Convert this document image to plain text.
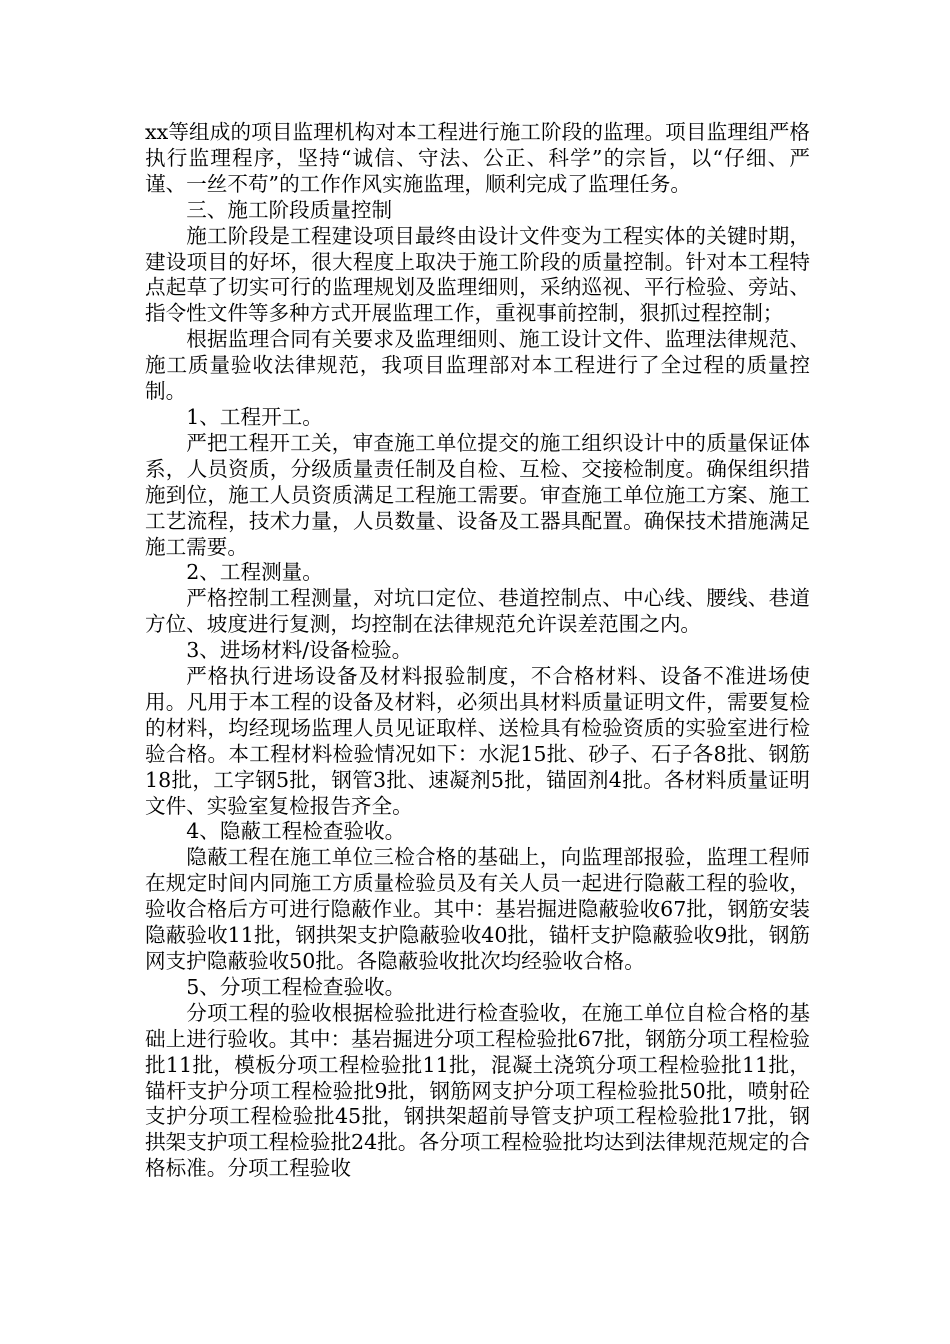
xx等组成的项目监理机构对本工程进行施工阶段的监理。项目监理组严格执行监理程序，坚持“诚信、守法、公正、科学”的宗旨，以“仔细、严谨、一丝不苟”的工作作风实施监理，顺利完成了监理任务。

三、施工阶段质量控制

施工阶段是工程建设项目最终由设计文件变为工程实体的关键时期，建设项目的好坏，很大程度上取决于施工阶段的质量控制。针对本工程特点起草了切实可行的监理规划及监理细则，采纳巡视、平行检验、旁站、指令性文件等多种方式开展监理工作，重视事前控制，狠抓过程控制；

根据监理合同有关要求及监理细则、施工设计文件、监理法律规范、施工质量验收法律规范，我项目监理部对本工程进行了全过程的质量控制。

1、工程开工。

严把工程开工关，审查施工单位提交的施工组织设计中的质量保证体系，人员资质，分级质量责任制及自检、互检、交接检制度。确保组织措施到位，施工人员资质满足工程施工需要。审查施工单位施工方案、施工工艺流程，技术力量，人员数量、设备及工器具配置。确保技术措施满足施工需要。

2、工程测量。

严格控制工程测量，对坑口定位、巷道控制点、中心线、腰线、巷道方位、坡度进行复测，均控制在法律规范允许误差范围之内。

3、进场材料/设备检验。

严格执行进场设备及材料报验制度，不合格材料、设备不准进场使用。凡用于本工程的设备及材料，必须出具材料质量证明文件，需要复检的材料，均经现场监理人员见证取样、送检具有检验资质的实验室进行检验合格。本工程材料检验情况如下：水泥15批、砂子、石子各8批、钢筋18批，工字钢5批，钢管3批、速凝剂5批，锚固剂4批。各材料质量证明文件、实验室复检报告齐全。

4、隐蔽工程检查验收。

隐蔽工程在施工单位三检合格的基础上，向监理部报验，监理工程师在规定时间内同施工方质量检验员及有关人员一起进行隐蔽工程的验收，验收合格后方可进行隐蔽作业。其中：基岩掘进隐蔽验收67批，钢筋安装隐蔽验收11批，钢拱架支护隐蔽验收40批，锚杆支护隐蔽验收9批，钢筋网支护隐蔽验收50批。各隐蔽验收批次均经验收合格。

5、分项工程检查验收。

分项工程的验收根据检验批进行检查验收，在施工单位自检合格的基础上进行验收。其中：基岩掘进分项工程检验批67批，钢筋分项工程检验批11批，模板分项工程检验批11批，混凝土浇筑分项工程检验批11批，锚杆支护分项工程检验批9批，钢筋网支护分项工程检验批50批，喷射砼支护分项工程检验批45批，钢拱架超前导管支护项工程检验批17批，钢拱架支护项工程检验批24批。各分项工程检验批均达到法律规范规定的合格标准。分项工程验收
